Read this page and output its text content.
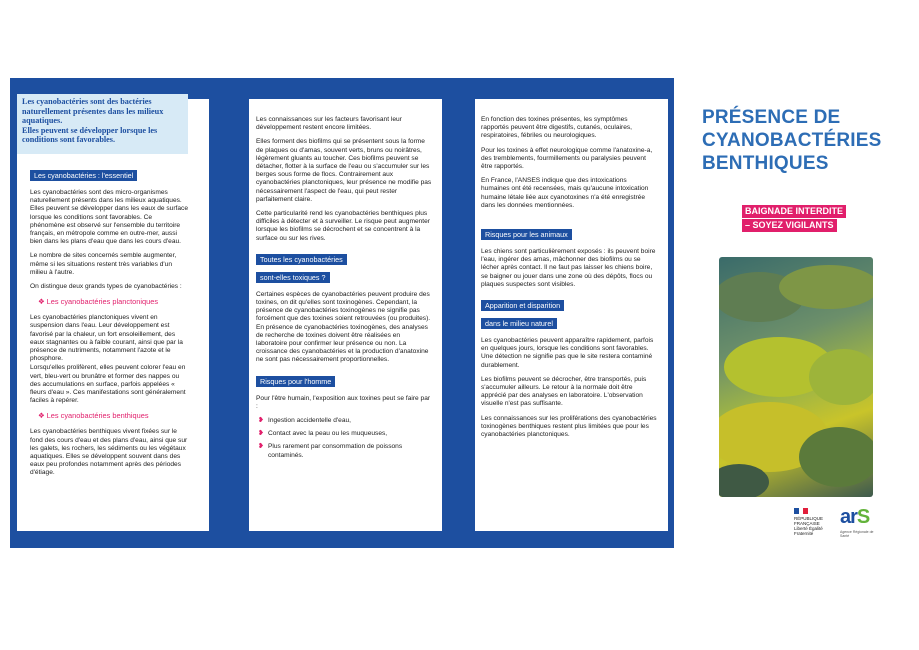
Les cyanobactéries sont des bactéries naturellement présentes dans les milieux aquatiques.

Elles peuvent se développer lorsque les conditions sont favorables.

Les cyanobactéries : l'essentiel

Les cyanobactéries sont des micro-organismes naturellement présents dans les milieux aquatiques. Elles peuvent se développer dans les eaux de surface lorsque les conditions sont favorables. Ce phénomène est observé sur l'ensemble du territoire français, en métropole comme en outre-mer, aussi bien dans les plans d'eau que dans les cours d'eau.

Le nombre de sites concernés semble augmenter, même si les situations restent très variables d'un milieu à l'autre.

On distingue deux grands types de cyanobactéries :

❖ Les cyanobactéries planctoniques

Les cyanobactéries planctoniques vivent en suspension dans l'eau. Leur développement est favorisé par la chaleur, un fort ensoleillement, des eaux stagnantes ou à faible courant, ainsi que par la présence de nutriments, notamment l'azote et le phosphore.

Lorsqu'elles prolifèrent, elles peuvent colorer l'eau en vert, bleu-vert ou brunâtre et former des nappes ou des accumulations en surface, parfois appelées « fleurs d'eau ». Ces manifestations sont généralement faciles à repérer.

❖ Les cyanobactéries benthiques

Les cyanobactéries benthiques vivent fixées sur le fond des cours d'eau et des plans d'eau, ainsi que sur les galets, les rochers, les sédiments ou les végétaux aquatiques. Elles se développent souvent dans des eaux peu profondes notamment après des périodes d'étiage.

Les connaissances sur les facteurs favorisant leur développement restent encore limitées.

Elles forment des biofilms qui se présentent sous la forme de plaques ou d'amas, souvent verts, bruns ou noirâtres, légèrement gluants au toucher. Ces biofilms peuvent se détacher, flotter à la surface de l'eau ou s'accumuler sur les berges sous forme de flocs. Contrairement aux cyanobactéries planctoniques, leur présence ne modifie pas nécessairement l'aspect de l'eau, qui peut rester parfaitement claire.

Cette particularité rend les cyanobactéries benthiques plus difficiles à détecter et à surveiller. Le risque peut augmenter lorsque les biofilms se décrochent et se concentrent à la surface ou sur les rives.

Toutes les cyanobactéries
sont-elles toxiques ?

Certaines espèces de cyanobactéries peuvent produire des toxines, on dit qu'elles sont toxinogènes. Cependant, la présence de cyanobactéries toxinogènes ne signifie pas forcément que des toxines soient retrouvées (ou produites). En présence de cyanobactéries toxinogènes, des analyses de recherche de toxines doivent être réalisées en laboratoire pour confirmer leur présence ou non. La croissance des cyanobactéries et la production d'anatoxine ne sont pas nécessairement proportionnelles.

Risques pour l'homme

Pour l'être humain, l'exposition aux toxines peut se faire par :

❥ Ingestion accidentelle d'eau,
❥ Contact avec la peau ou les muqueuses,
❥ Plus rarement par consommation de poissons contaminés.

En fonction des toxines présentes, les symptômes rapportés peuvent être digestifs, cutanés, oculaires, respiratoires, fébriles ou neurologiques.

Pour les toxines à effet neurologique comme l'anatoxine-a, des tremblements, fourmillements ou paralysies peuvent être rapportés.

En France, l'ANSES indique que des intoxications humaines ont été recensées, mais qu'aucune intoxication humaine létale liée aux cyanotoxines n'a été enregistrée dans les données mentionnées.

Risques pour les animaux

Les chiens sont particulièrement exposés : ils peuvent boire l'eau, ingérer des amas, mâchonner des biofilms ou se lécher après contact. Il ne faut pas laisser les chiens boire, se baigner ou jouer dans une zone où des dépôts, flocs ou plaques suspectes sont visibles.

Apparition et disparition
dans le milieu naturel

Les cyanobactéries peuvent apparaître rapidement, parfois en quelques jours, lorsque les conditions sont favorables. Une détection ne signifie pas que le site restera contaminé durablement.

Les biofilms peuvent se décrocher, être transportés, puis s'accumuler ailleurs. Le retour à la normale doit être apprécié par des analyses en laboratoire. L'observation visuelle n'est pas suffisante.

Les connaissances sur les proliférations des cyanobactéries toxinogènes benthiques restent plus limitées que pour les cyanobactéries planctoniques.

PRÉSENCE DE
CYANOBACTÉRIES
BENTHIQUES
BAIGNADE INTERDITE
– SOYEZ VIGILANTS
RÉPUBLIQUE
FRANÇAISE
Liberté Égalité Fraternité
arS
Agence Régionale de Santé
